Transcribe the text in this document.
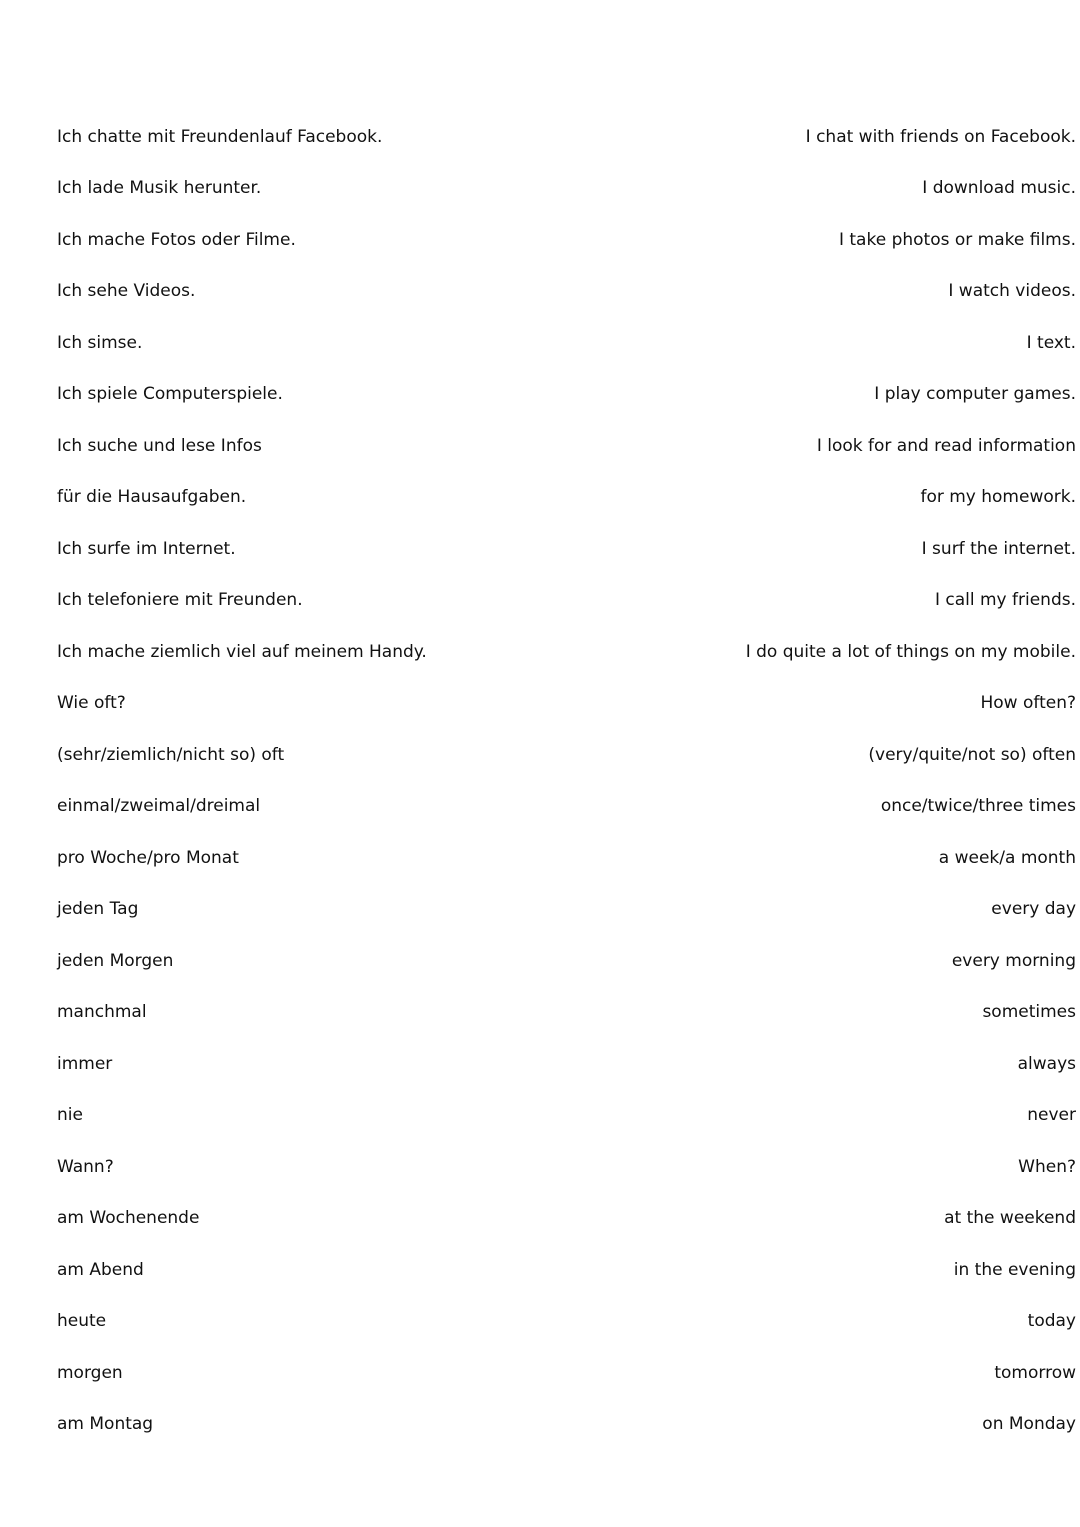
Ich chatte mit Freundenlauf Facebook.	I chat with friends on Facebook.
Ich lade Musik herunter.	I download music.
Ich mache Fotos oder Filme.	I take photos or make films.
Ich sehe Videos.	I watch videos.
Ich simse.	I text.
Ich spiele Computerspiele.	I play computer games.
Ich suche und lese Infos	I look for and read information
für die Hausaufgaben.	for my homework.
Ich surfe im Internet.	I surf the internet.
Ich telefoniere mit Freunden.	I call my friends.
Ich mache ziemlich viel auf meinem Handy.	I do quite a lot of things on my mobile.
Wie oft?	How often?
(sehr/ziemlich/nicht so) oft	(very/quite/not so) often
einmal/zweimal/dreimal	once/twice/three times
pro Woche/pro Monat	a week/a month
jeden Tag	every day
jeden Morgen	every morning
manchmal	sometimes
immer	always
nie	never
Wann?	When?
am Wochenende	at the weekend
am Abend	in the evening
heute	today
morgen	tomorrow
am Montag	on Monday
